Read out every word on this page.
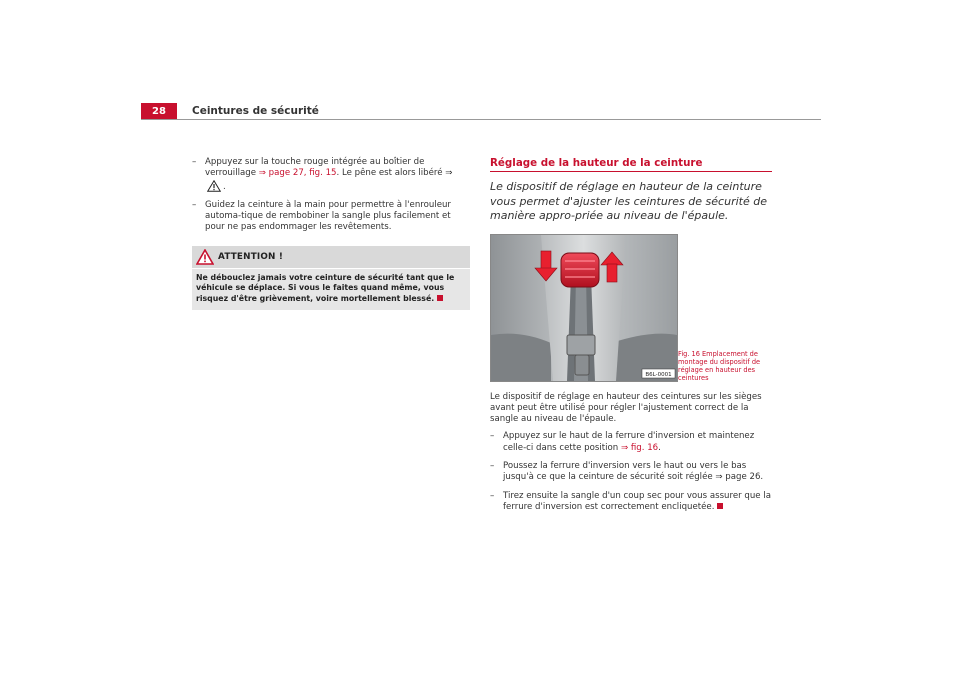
28	Ceintures de sécurité
– Appuyez sur la touche rouge intégrée au boîtier de verrouillage ⇒ page 27, fig. 15. Le pêne est alors libéré ⇒ .
– Guidez la ceinture à la main pour permettre à l'enrouleur automa-tique de rembobiner la sangle plus facilement et pour ne pas endommager les revêtements.
ATTENTION !
Ne débouclez jamais votre ceinture de sécurité tant que le véhicule se déplace. Si vous le faites quand même, vous risquez d'être grièvement, voire mortellement blessé.
Réglage de la hauteur de la ceinture
Le dispositif de réglage en hauteur de la ceinture vous permet d'ajuster les ceintures de sécurité de manière appro-priée au niveau de l'épaule.
B6L-0001
Fig. 16 Emplacement de montage du dispositif de réglage en hauteur des ceintures
Le dispositif de réglage en hauteur des ceintures sur les sièges avant peut être utilisé pour régler l'ajustement correct de la sangle au niveau de l'épaule.
– Appuyez sur le haut de la ferrure d'inversion et maintenez celle-ci dans cette position ⇒ fig. 16.
– Poussez la ferrure d'inversion vers le haut ou vers le bas jusqu'à ce que la ceinture de sécurité soit réglée ⇒ page 26.
– Tirez ensuite la sangle d'un coup sec pour vous assurer que la ferrure d'inversion est correctement encliquetée.
